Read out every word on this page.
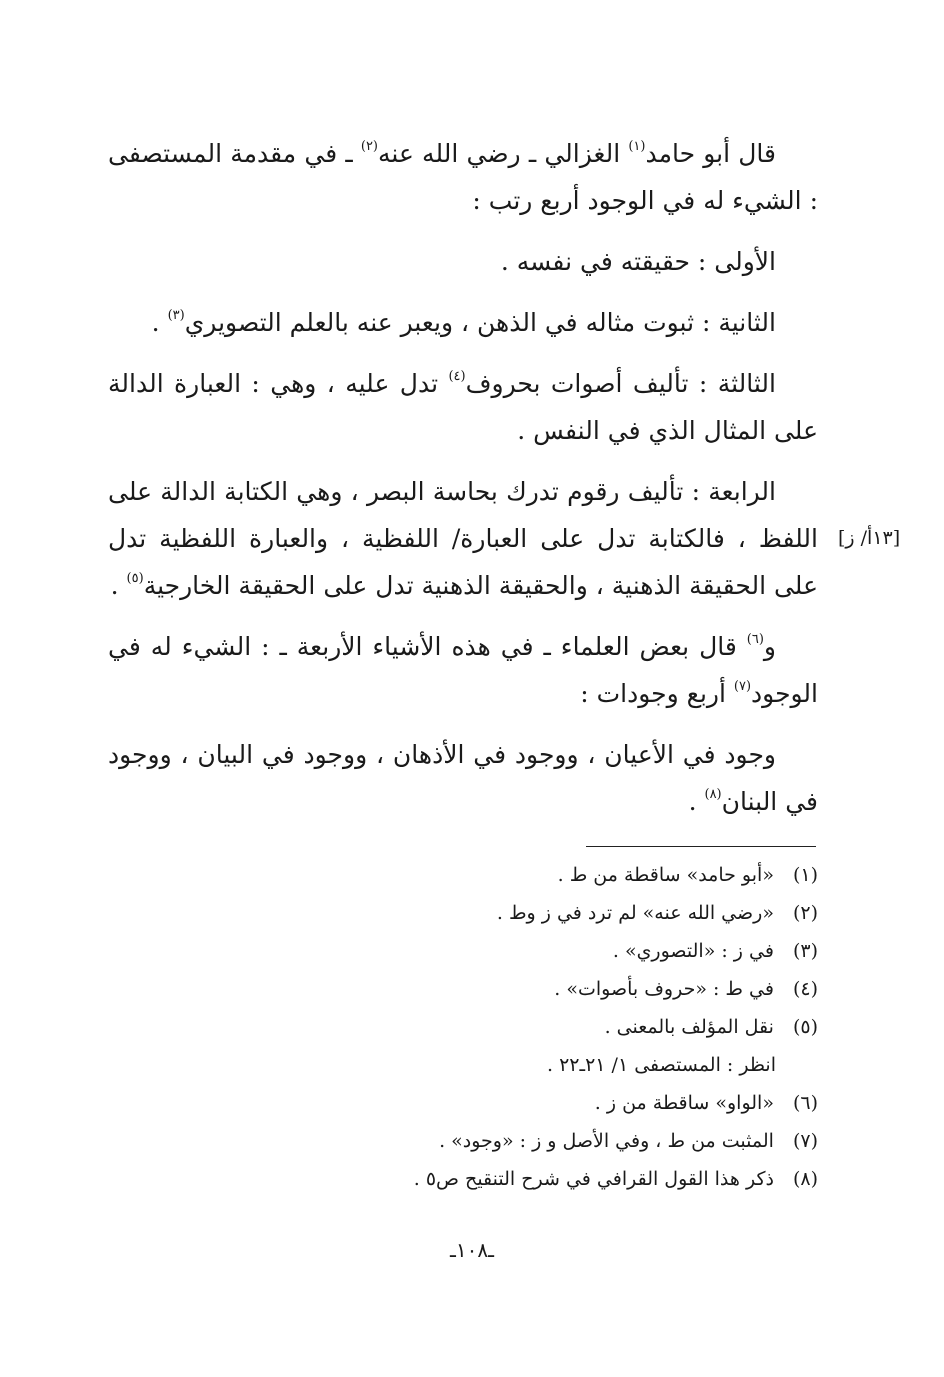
قال أبو حامد$^{(١)}$ الغزالي ـ رضي الله عنه$^{(٢)}$ ـ في مقدمة المستصفى : الشيء له في الوجود أربع رتب :

الأولى : حقيقته في نفسه .

الثانية : ثبوت مثاله في الذهن ، ويعبر عنه بالعلم التصويري$^{(٣)}$ .

الثالثة : تأليف أصوات بحروف$^{(٤)}$ تدل عليه ، وهي : العبارة الدالة على المثال الذي في النفس .

الرابعة : تأليف رقوم تدرك بحاسة البصر ، وهي الكتابة الدالة على اللفظ ، فالكتابة تدل على العبارة/ اللفظية ، والعبارة اللفظية تدل على الحقيقة الذهنية ، والحقيقة الذهنية تدل على الحقيقة الخارجية$^{(٥)}$ .

و$^{(٦)}$ قال بعض العلماء ـ في هذه الأشياء الأربعة ـ : الشيء له في الوجود$^{(٧)}$ أربع وجودات :

وجود في الأعيان ، ووجود في الأذهان ، ووجود في البيان ، ووجود في البنان$^{(٨)}$ .

[١٣أ/ ز]
(١) «أبو حامد» ساقطة من ط .
(٢) «رضي الله عنه» لم ترد في ز وط .
(٣) في ز : «التصوري» .
(٤) في ط : «حروف بأصوات» .
(٥) نقل المؤلف بالمعنى .
انظر : المستصفى ١/ ٢١ـ٢٢ .
(٦) «الواو» ساقطة من ز .
(٧) المثبت من ط ، وفي الأصل و ز : «وجود» .
(٨) ذكر هذا القول القرافي في شرح التنقيح ص٥ .
ـ١٠٨ـ
